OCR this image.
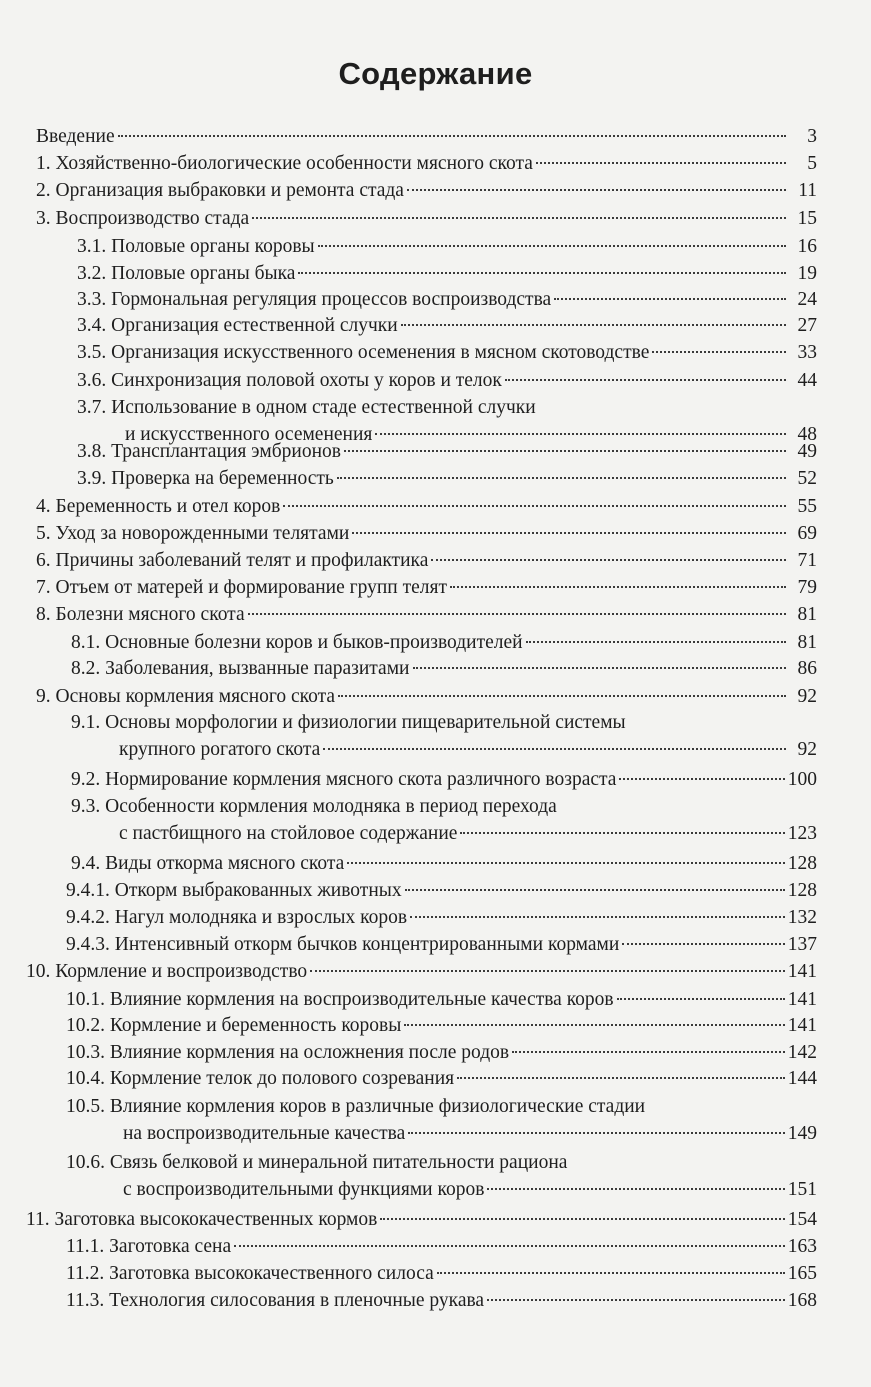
Содержание
Введение	3
1. Хозяйственно-биологические особенности мясного скота	5
2. Организация выбраковки и ремонта стада	11
3. Воспроизводство стада	15
3.1. Половые органы коровы	16
3.2. Половые органы быка	19
3.3. Гормональная регуляция процессов воспроизводства	24
3.4. Организация естественной случки	27
3.5. Организация искусственного осеменения в мясном скотоводстве	33
3.6. Синхронизация половой охоты у коров и телок	44
3.7. Использование в одном стаде естественной случки
и искусственного осеменения	48
3.8. Трансплантация эмбрионов	49
3.9. Проверка на беременность	52
4. Беременность и отел коров	55
5. Уход за новорожденными телятами	69
6. Причины заболеваний телят и профилактика	71
7. Отъем от матерей и формирование групп телят	79
8. Болезни мясного скота	81
8.1. Основные болезни коров и быков-производителей	81
8.2. Заболевания, вызванные паразитами	86
9. Основы кормления мясного скота	92
9.1. Основы морфологии и физиологии пищеварительной системы
крупного рогатого скота	92
9.2. Нормирование кормления мясного скота различного возраста	100
9.3. Особенности кормления молодняка в период перехода
с пастбищного на стойловое содержание	123
9.4. Виды откорма мясного скота	128
9.4.1. Откорм выбракованных животных	128
9.4.2. Нагул молодняка и взрослых коров	132
9.4.3. Интенсивный откорм бычков концентрированными кормами	137
10. Кормление и воспроизводство	141
10.1. Влияние кормления на воспроизводительные качества коров	141
10.2. Кормление и беременность коровы	141
10.3. Влияние кормления на осложнения после родов	142
10.4. Кормление телок до полового созревания	144
10.5. Влияние кормления коров в различные физиологические стадии
на воспроизводительные качества	149
10.6. Связь белковой и минеральной питательности рациона
с воспроизводительными функциями коров	151
11. Заготовка высококачественных кормов	154
11.1. Заготовка сена	163
11.2. Заготовка высококачественного силоса	165
11.3. Технология силосования в пленочные рукава	168
